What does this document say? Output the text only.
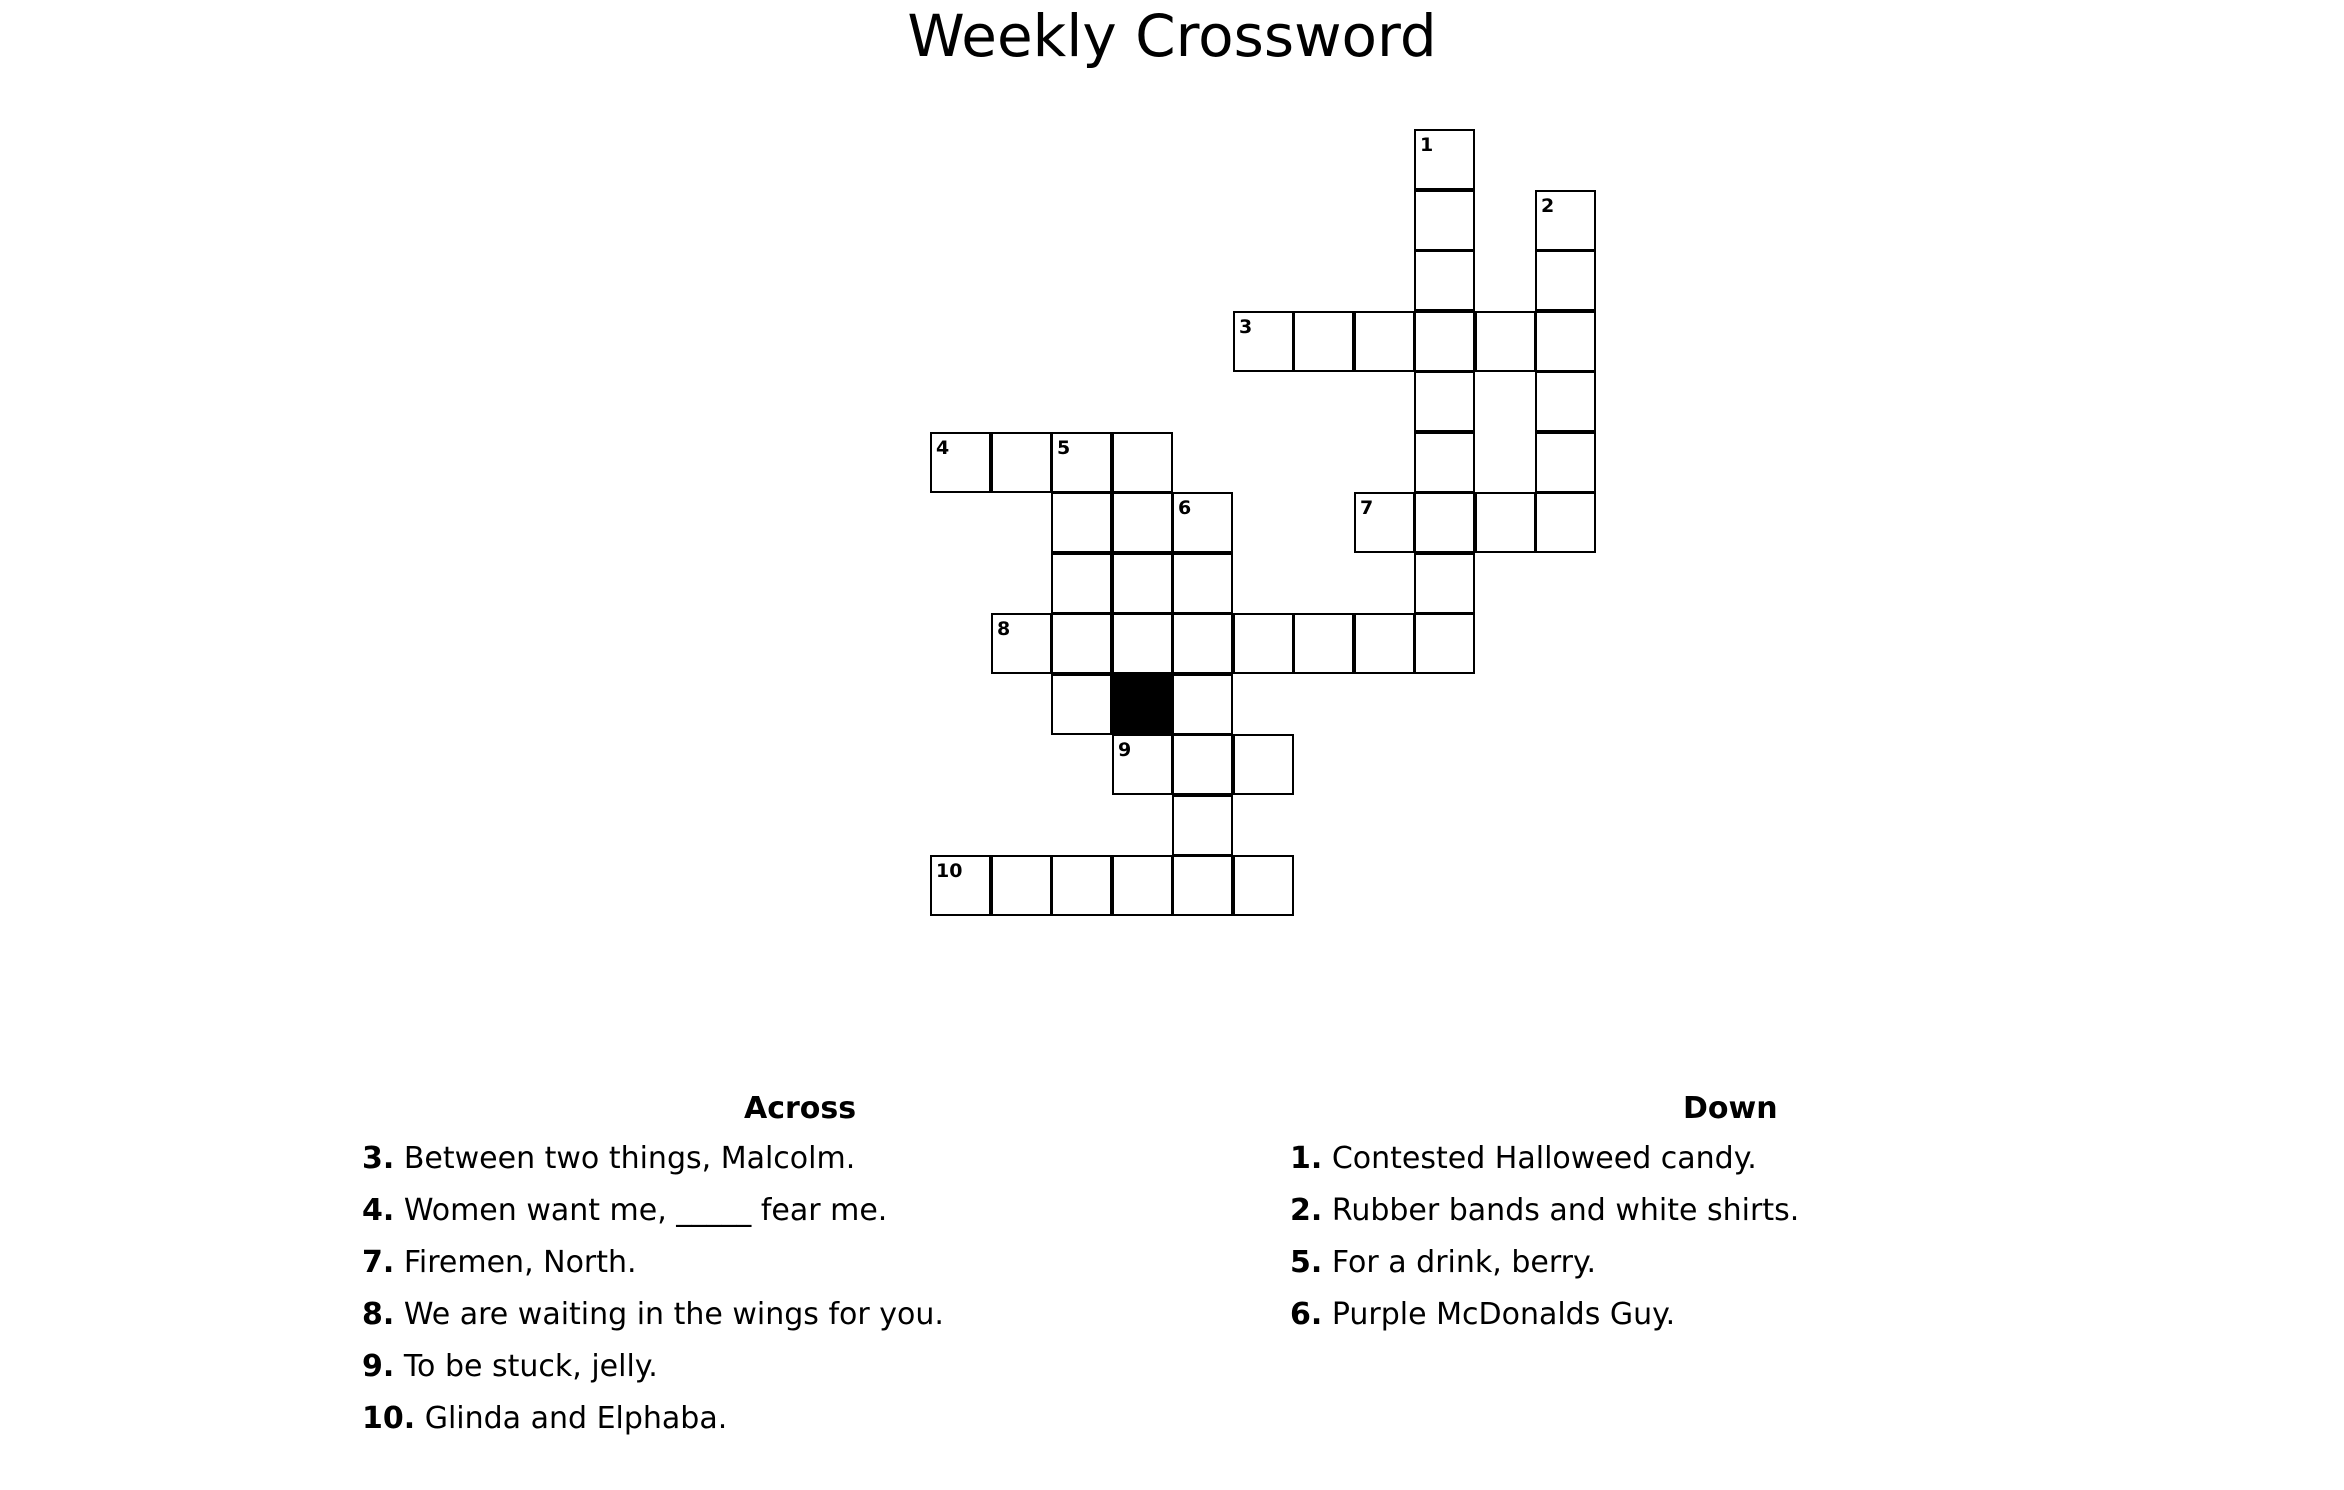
Weekly Crossword
1
2
3
4	5
6	7
8
9
10
Across
3. Between two things, Malcolm.
4. Women want me, _____ fear me.
7. Firemen, North.
8. We are waiting in the wings for you.
9. To be stuck, jelly.
10. Glinda and Elphaba.
Down
1. Contested Halloweed candy.
2. Rubber bands and white shirts.
5. For a drink, berry.
6. Purple McDonalds Guy.
